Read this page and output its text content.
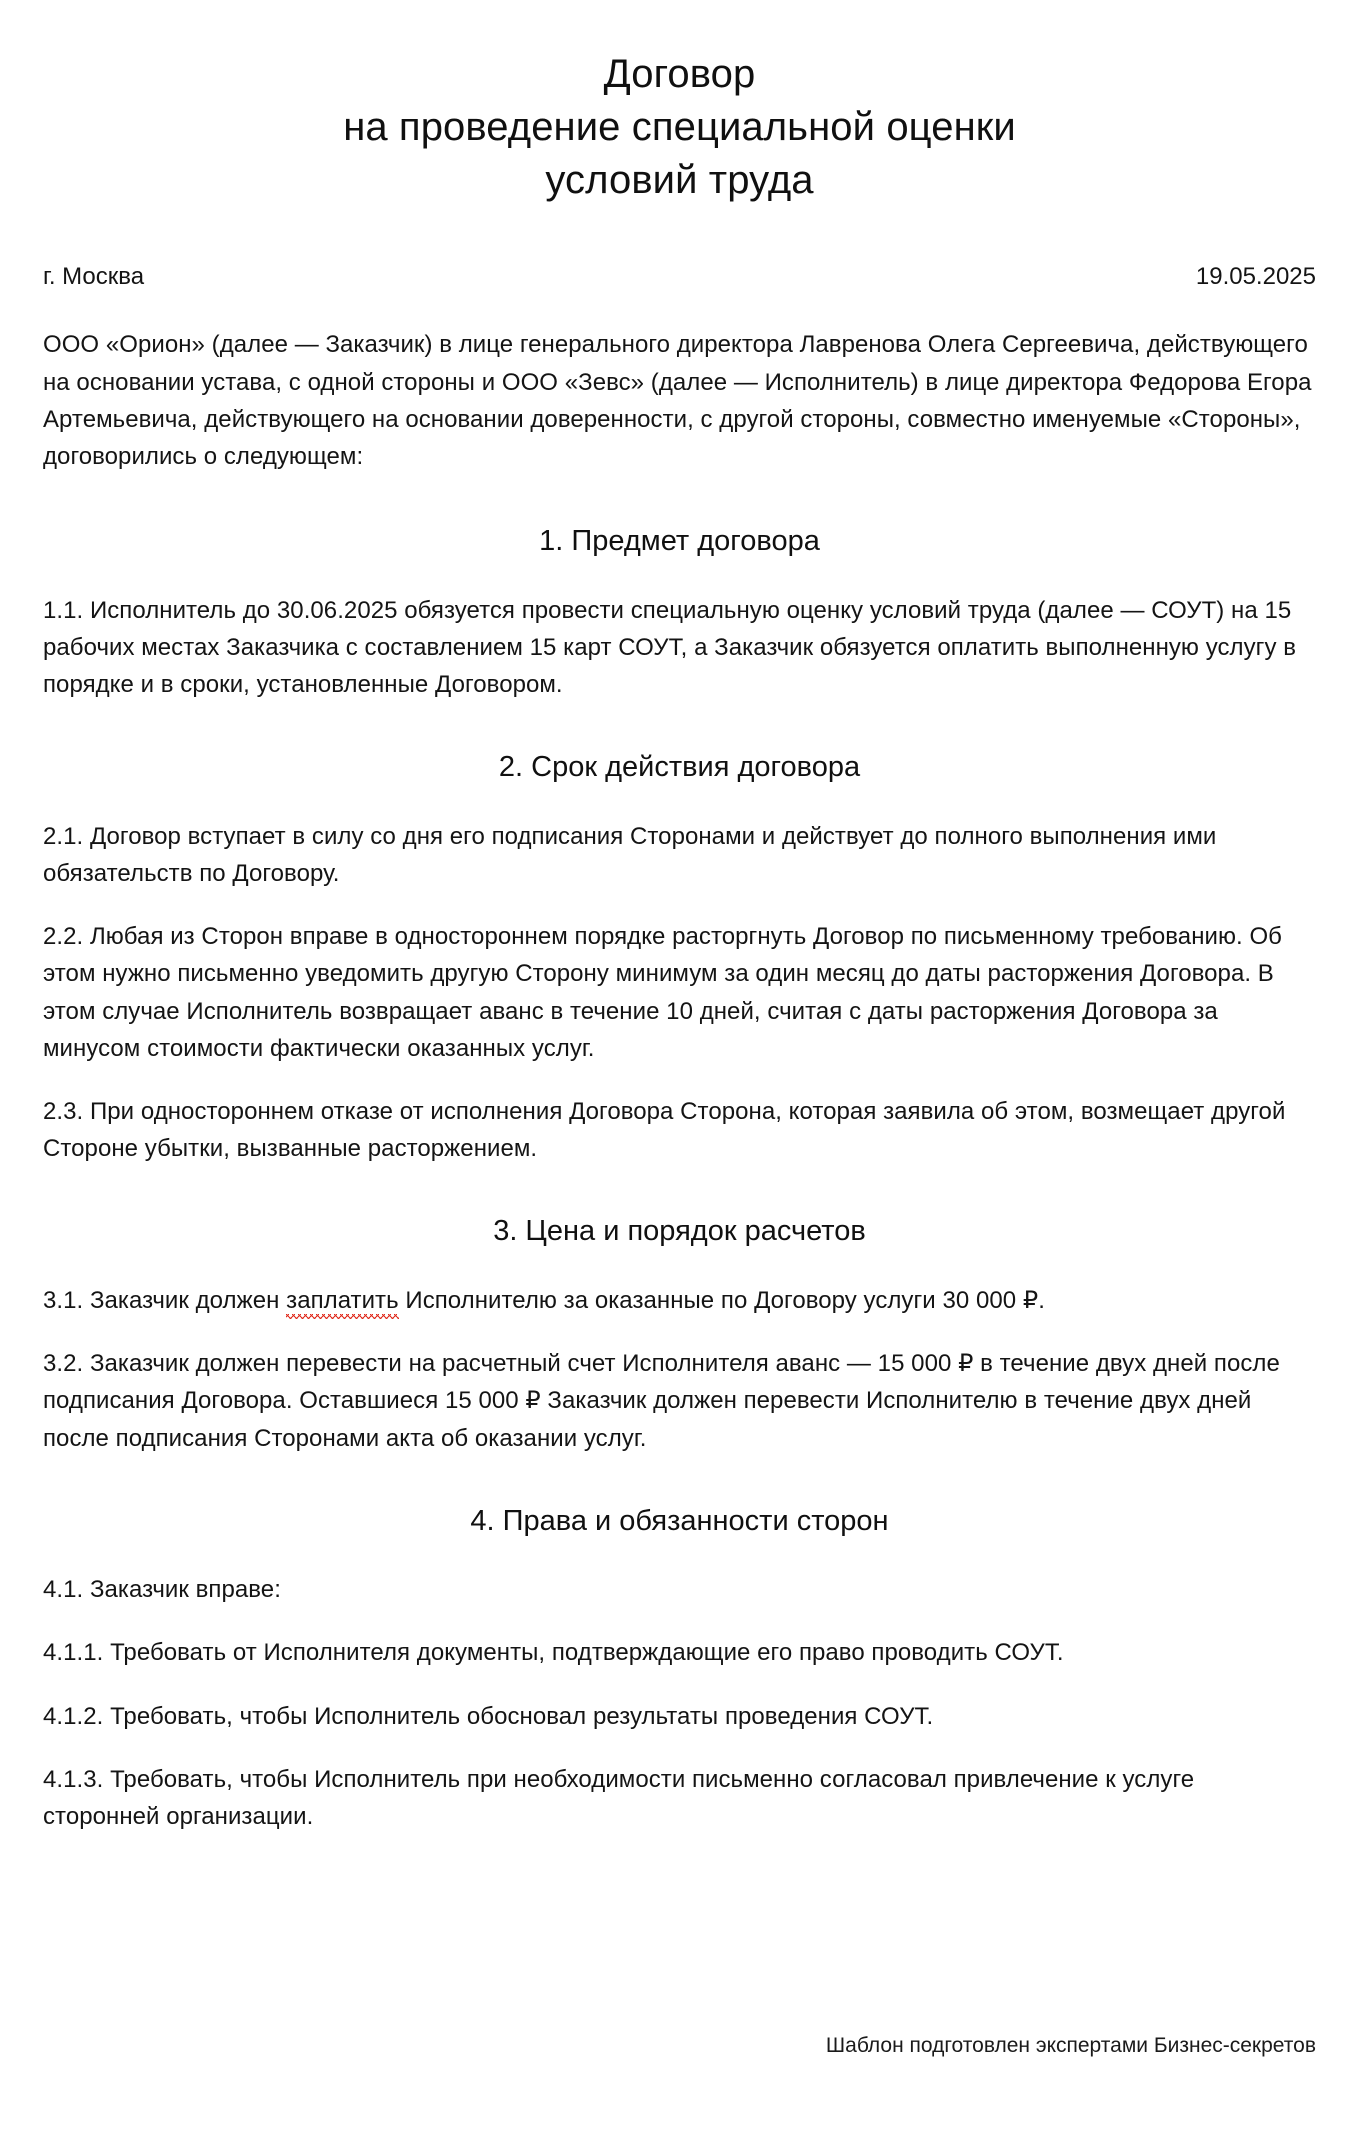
Договор
на проведение специальной оценки
условий труда
г. Москва	19.05.2025

ООО «Орион» (далее — Заказчик) в лице генерального директора Лавренова Олега Сергеевича, действующего на основании устава, с одной стороны и ООО «Зевс» (далее — Исполнитель) в лице директора Федорова Егора Артемьевича, действующего на основании доверенности, с другой стороны, совместно именуемые «Стороны», договорились о следующем:

1. Предмет договора

1.1. Исполнитель до 30.06.2025 обязуется провести специальную оценку условий труда (далее — СОУТ) на 15 рабочих местах Заказчика с составлением 15 карт СОУТ, а Заказчик обязуется оплатить выполненную услугу в порядке и в сроки, установленные Договором.

2. Срок действия договора

2.1. Договор вступает в силу со дня его подписания Сторонами и действует до полного выполнения ими обязательств по Договору.

2.2. Любая из Сторон вправе в одностороннем порядке расторгнуть Договор по письменному требованию. Об этом нужно письменно уведомить другую Сторону минимум за один месяц до даты расторжения Договора. В этом случае Исполнитель возвращает аванс в течение 10 дней, считая с даты расторжения Договора за минусом стоимости фактически оказанных услуг.

2.3. При одностороннем отказе от исполнения Договора Сторона, которая заявила об этом, возмещает другой Стороне убытки, вызванные расторжением.

3. Цена и порядок расчетов

3.1. Заказчик должен заплатить Исполнителю за оказанные по Договору услуги 30 000 ₽.

3.2. Заказчик должен перевести на расчетный счет Исполнителя аванс — 15 000 ₽ в течение двух дней после подписания Договора. Оставшиеся 15 000 ₽ Заказчик должен перевести Исполнителю в течение двух дней после подписания Сторонами акта об оказании услуг.

4. Права и обязанности сторон

4.1. Заказчик вправе:

4.1.1. Требовать от Исполнителя документы, подтверждающие его право проводить СОУТ.

4.1.2. Требовать, чтобы Исполнитель обосновал результаты проведения СОУТ.

4.1.3. Требовать, чтобы Исполнитель при необходимости письменно согласовал привлечение к услуге сторонней организации.

Шаблон подготовлен экспертами Бизнес-секретов
